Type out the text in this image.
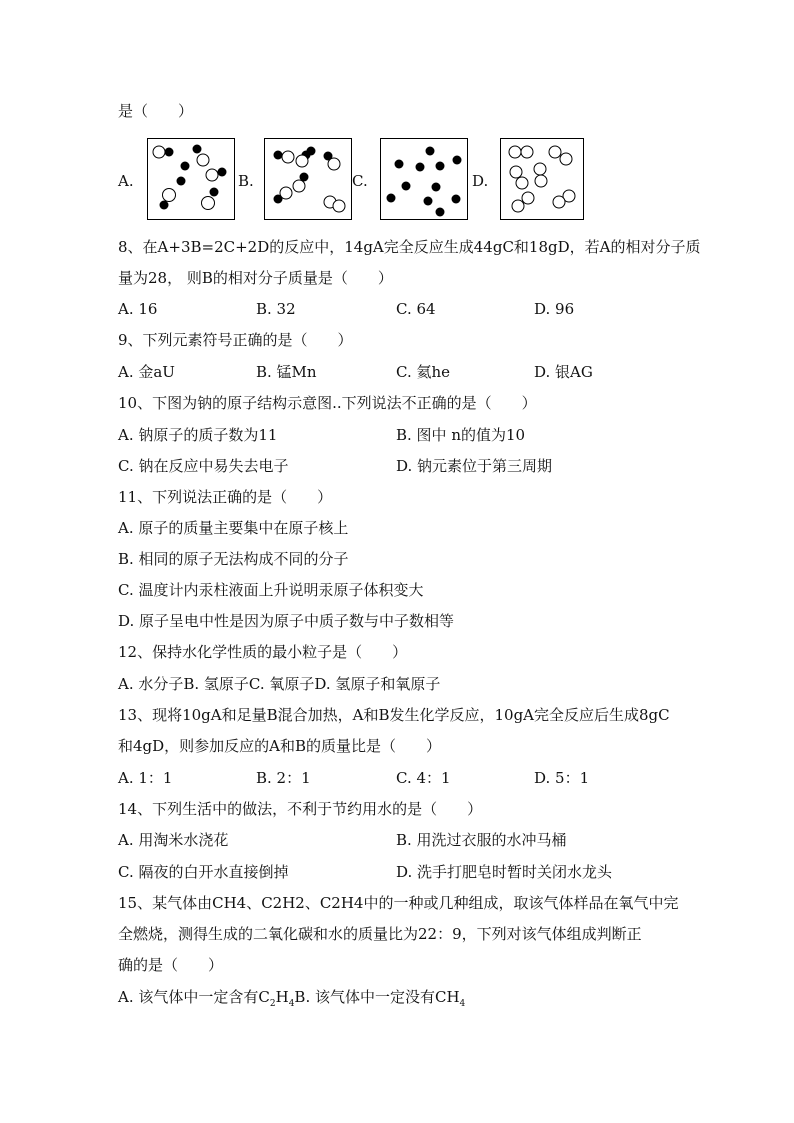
是（　　）
A.	B.	C.	D.
8、在A+3B=2C+2D的反应中，14gA完全反应生成44gC和18gD，若A的相对分子质
量为28， 则B的相对分子质量是（　　）
A. 16	B. 32	C. 64	D. 96
9、下列元素符号正确的是（　　）
A. 金aU	B. 锰Mn	C. 氦he	D. 银AG
10、下图为钠的原子结构示意图..下列说法不正确的是（　　）
A. 钠原子的质子数为11	B. 图中 n的值为10
C. 钠在反应中易失去电子	D. 钠元素位于第三周期
11、下列说法正确的是（　　）
A. 原子的质量主要集中在原子核上
B. 相同的原子无法构成不同的分子
C. 温度计内汞柱液面上升说明汞原子体积变大
D. 原子呈电中性是因为原子中质子数与中子数相等
12、保持水化学性质的最小粒子是（　　）
A. 水分子B. 氢原子C. 氧原子D. 氢原子和氧原子
13、现将10gA和足量B混合加热，A和B发生化学反应，10gA完全反应后生成8gC
和4gD，则参加反应的A和B的质量比是（　　）
A. 1：1	B. 2：1	C. 4：1	D. 5：1
14、下列生活中的做法，不利于节约用水的是（　　）
A. 用淘米水浇花	B. 用洗过衣服的水冲马桶
C. 隔夜的白开水直接倒掉	D. 洗手打肥皂时暂时关闭水龙头
15、某气体由CH4、C2H2、C2H4中的一种或几种组成，取该气体样品在氧气中完
全燃烧，测得生成的二氧化碳和水的质量比为22：9，下列对该气体组成判断正
确的是（　　）
A. 该气体中一定含有$C_2H_4B$. 该气体中一定没有$CH_4$
